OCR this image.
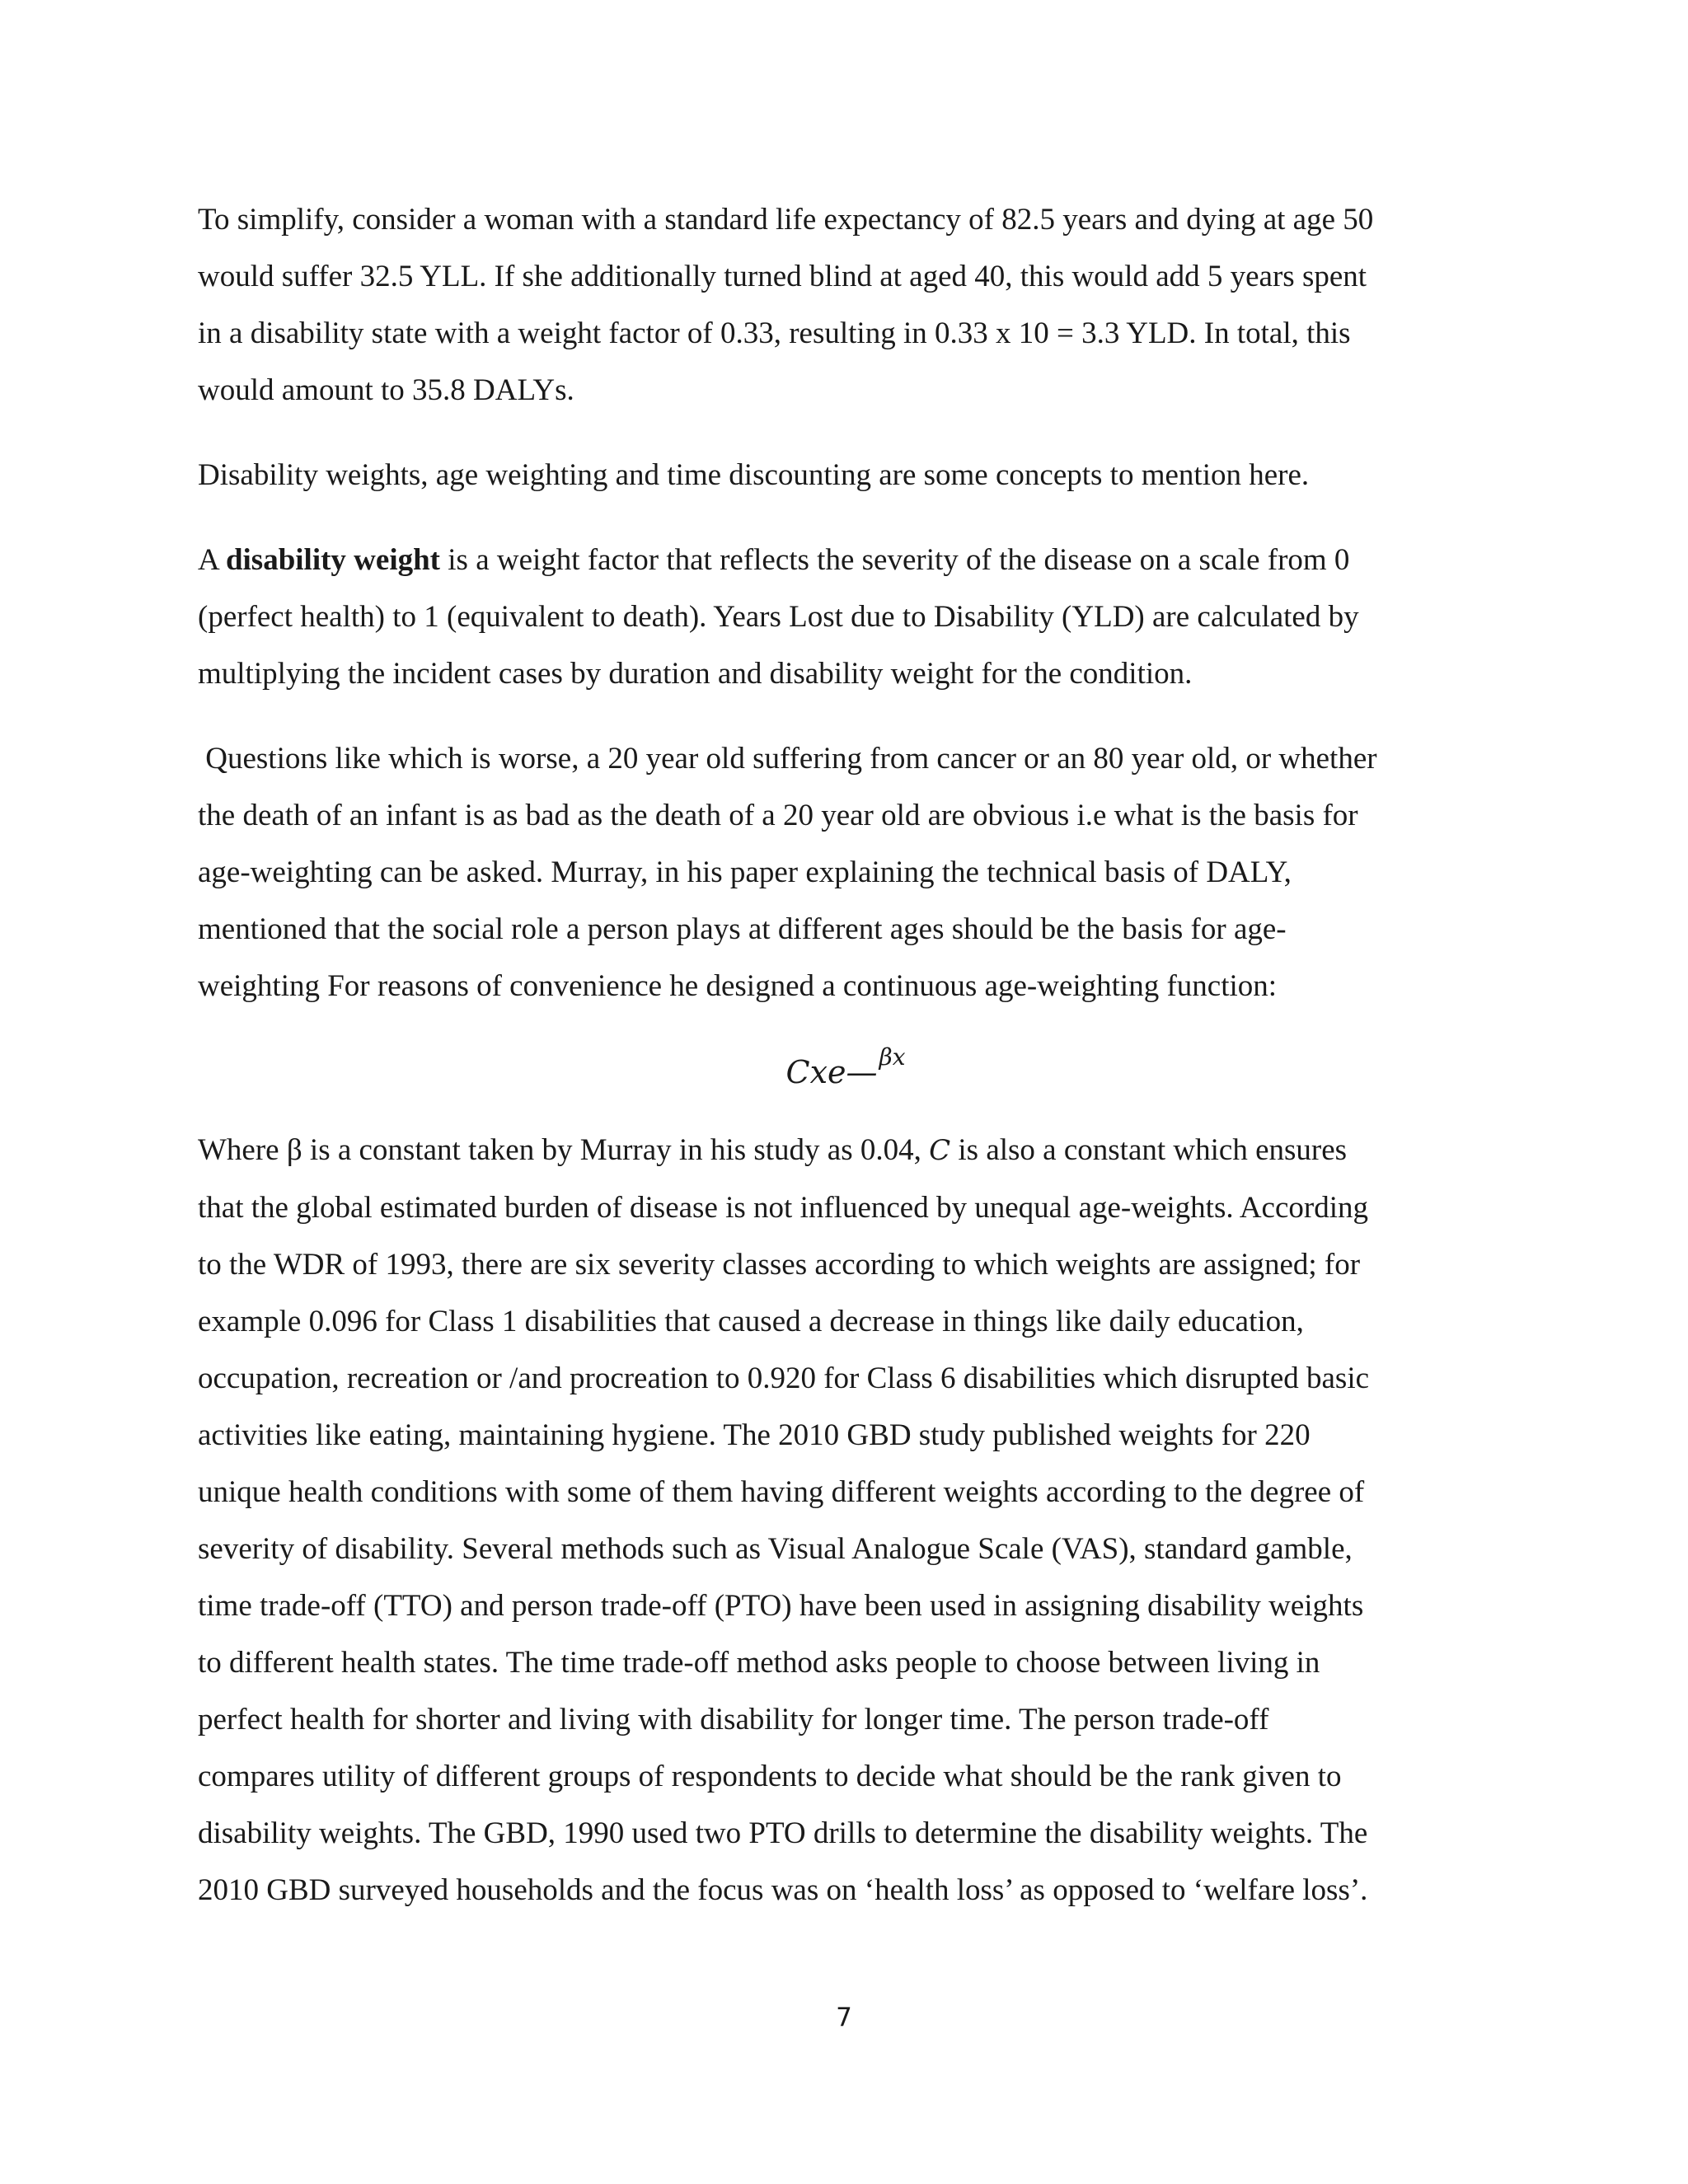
To simplify, consider a woman with a standard life expectancy of 82.5 years and dying at age 50
would suffer 32.5 YLL. If she additionally turned blind at aged 40, this would add 5 years spent
in a disability state with a weight factor of 0.33, resulting in 0.33 x 10 = 3.3 YLD. In total, this
would amount to 35.8 DALYs.

Disability weights, age weighting and time discounting are some concepts to mention here.

A disability weight is a weight factor that reflects the severity of the disease on a scale from 0
(perfect health) to 1 (equivalent to death). Years Lost due to Disability (YLD) are calculated by
multiplying the incident cases by duration and disability weight for the condition.

Questions like which is worse, a 20 year old suffering from cancer or an 80 year old, or whether
the death of an infant is as bad as the death of a 20 year old are obvious i.e what is the basis for
age-weighting can be asked. Murray, in his paper explaining the technical basis of DALY,
mentioned that the social role a person plays at different ages should be the basis for age-
weighting For reasons of convenience he designed a continuous age-weighting function:

Cxe—βx

Where β is a constant taken by Murray in his study as 0.04, C is also a constant which ensures
that the global estimated burden of disease is not influenced by unequal age-weights. According
to the WDR of 1993, there are six severity classes according to which weights are assigned; for
example 0.096 for Class 1 disabilities that caused a decrease in things like daily education,
occupation, recreation or /and procreation to 0.920 for Class 6 disabilities which disrupted basic
activities like eating, maintaining hygiene. The 2010 GBD study published weights for 220
unique health conditions with some of them having different weights according to the degree of
severity of disability. Several methods such as Visual Analogue Scale (VAS), standard gamble,
time trade-off (TTO) and person trade-off (PTO) have been used in assigning disability weights
to different health states. The time trade-off method asks people to choose between living in
perfect health for shorter and living with disability for longer time. The person trade-off
compares utility of different groups of respondents to decide what should be the rank given to
disability weights. The GBD, 1990 used two PTO drills to determine the disability weights. The
2010 GBD surveyed households and the focus was on ‘health loss’ as opposed to ‘welfare loss’.

7
